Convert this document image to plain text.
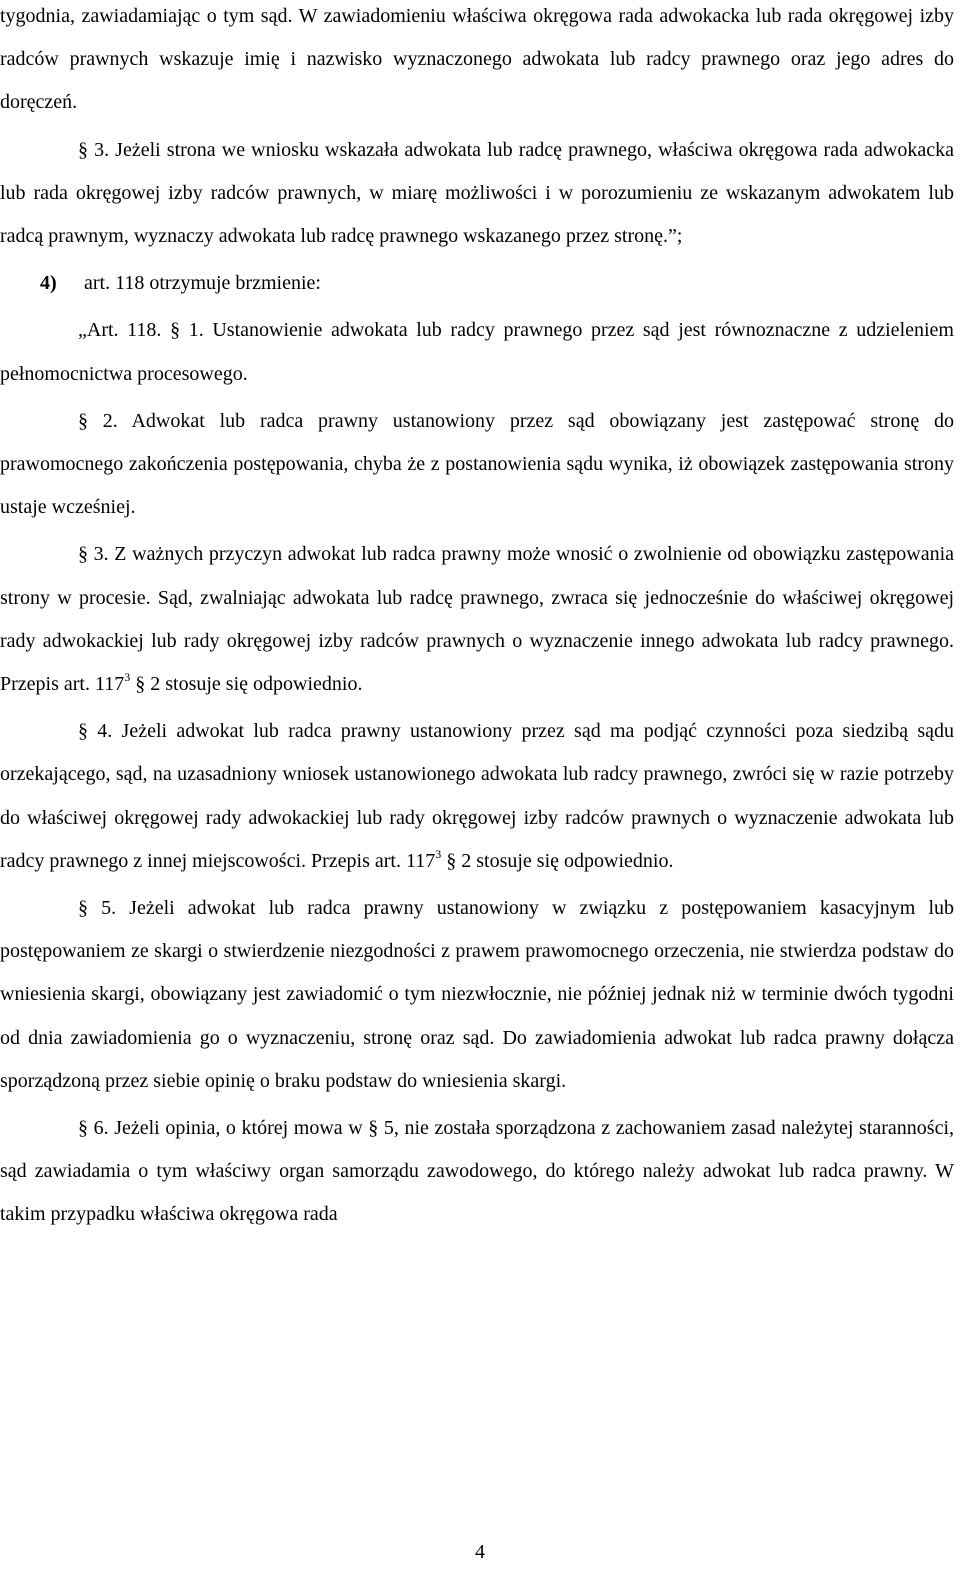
tygodnia, zawiadamiając o tym sąd. W zawiadomieniu właściwa okręgowa rada adwokacka lub rada okręgowej izby radców prawnych wskazuje imię i nazwisko wyznaczonego adwokata lub radcy prawnego oraz jego adres do doręczeń.

§ 3. Jeżeli strona we wniosku wskazała adwokata lub radcę prawnego, właściwa okręgowa rada adwokacka lub rada okręgowej izby radców prawnych, w miarę możliwości i w porozumieniu ze wskazanym adwokatem lub radcą prawnym, wyznaczy adwokata lub radcę prawnego wskazanego przez stronę.”;

4) art. 118 otrzymuje brzmienie:

„Art. 118. § 1. Ustanowienie adwokata lub radcy prawnego przez sąd jest równoznaczne z udzieleniem pełnomocnictwa procesowego.

§ 2. Adwokat lub radca prawny ustanowiony przez sąd obowiązany jest zastępować stronę do prawomocnego zakończenia postępowania, chyba że z postanowienia sądu wynika, iż obowiązek zastępowania strony ustaje wcześniej.

§ 3. Z ważnych przyczyn adwokat lub radca prawny może wnosić o zwolnienie od obowiązku zastępowania strony w procesie. Sąd, zwalniając adwokata lub radcę prawnego, zwraca się jednocześnie do właściwej okręgowej rady adwokackiej lub rady okręgowej izby radców prawnych o wyznaczenie innego adwokata lub radcy prawnego. Przepis art. $117^3$ § 2 stosuje się odpowiednio.

§ 4. Jeżeli adwokat lub radca prawny ustanowiony przez sąd ma podjąć czynności poza siedzibą sądu orzekającego, sąd, na uzasadniony wniosek ustanowionego adwokata lub radcy prawnego, zwróci się w razie potrzeby do właściwej okręgowej rady adwokackiej lub rady okręgowej izby radców prawnych o wyznaczenie adwokata lub radcy prawnego z innej miejscowości. Przepis art. $117^3$ § 2 stosuje się odpowiednio.

§ 5. Jeżeli adwokat lub radca prawny ustanowiony w związku z postępowaniem kasacyjnym lub postępowaniem ze skargi o stwierdzenie niezgodności z prawem prawomocnego orzeczenia, nie stwierdza podstaw do wniesienia skargi, obowiązany jest zawiadomić o tym niezwłocznie, nie później jednak niż w terminie dwóch tygodni od dnia zawiadomienia go o wyznaczeniu, stronę oraz sąd. Do zawiadomienia adwokat lub radca prawny dołącza sporządzoną przez siebie opinię o braku podstaw do wniesienia skargi.

§ 6. Jeżeli opinia, o której mowa w § 5, nie została sporządzona z zachowaniem zasad należytej staranności, sąd zawiadamia o tym właściwy organ samorządu zawodowego, do którego należy adwokat lub radca prawny. W takim przypadku właściwa okręgowa rada

4
